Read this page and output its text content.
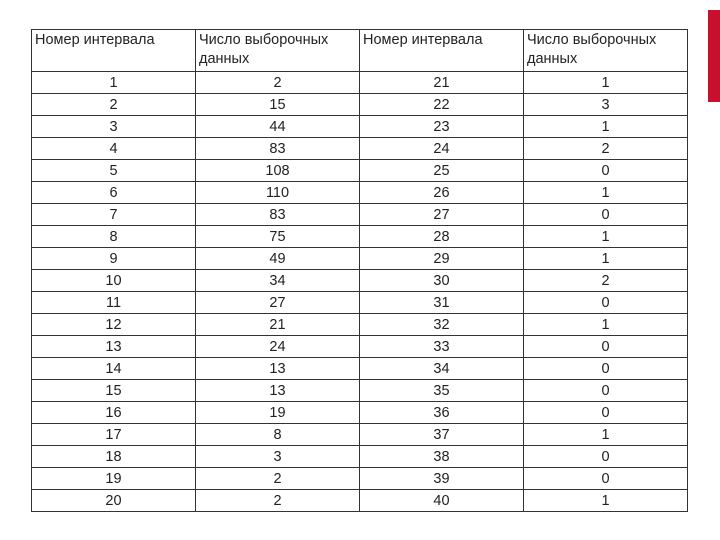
Номер интервала	Число выборочных данных	Номер интервала	Число выборочных данных
1	2	21	1
2	15	22	3
3	44	23	1
4	83	24	2
5	108	25	0
6	110	26	1
7	83	27	0
8	75	28	1
9	49	29	1
10	34	30	2
11	27	31	0
12	21	32	1
13	24	33	0
14	13	34	0
15	13	35	0
16	19	36	0
17	8	37	1
18	3	38	0
19	2	39	0
20	2	40	1
